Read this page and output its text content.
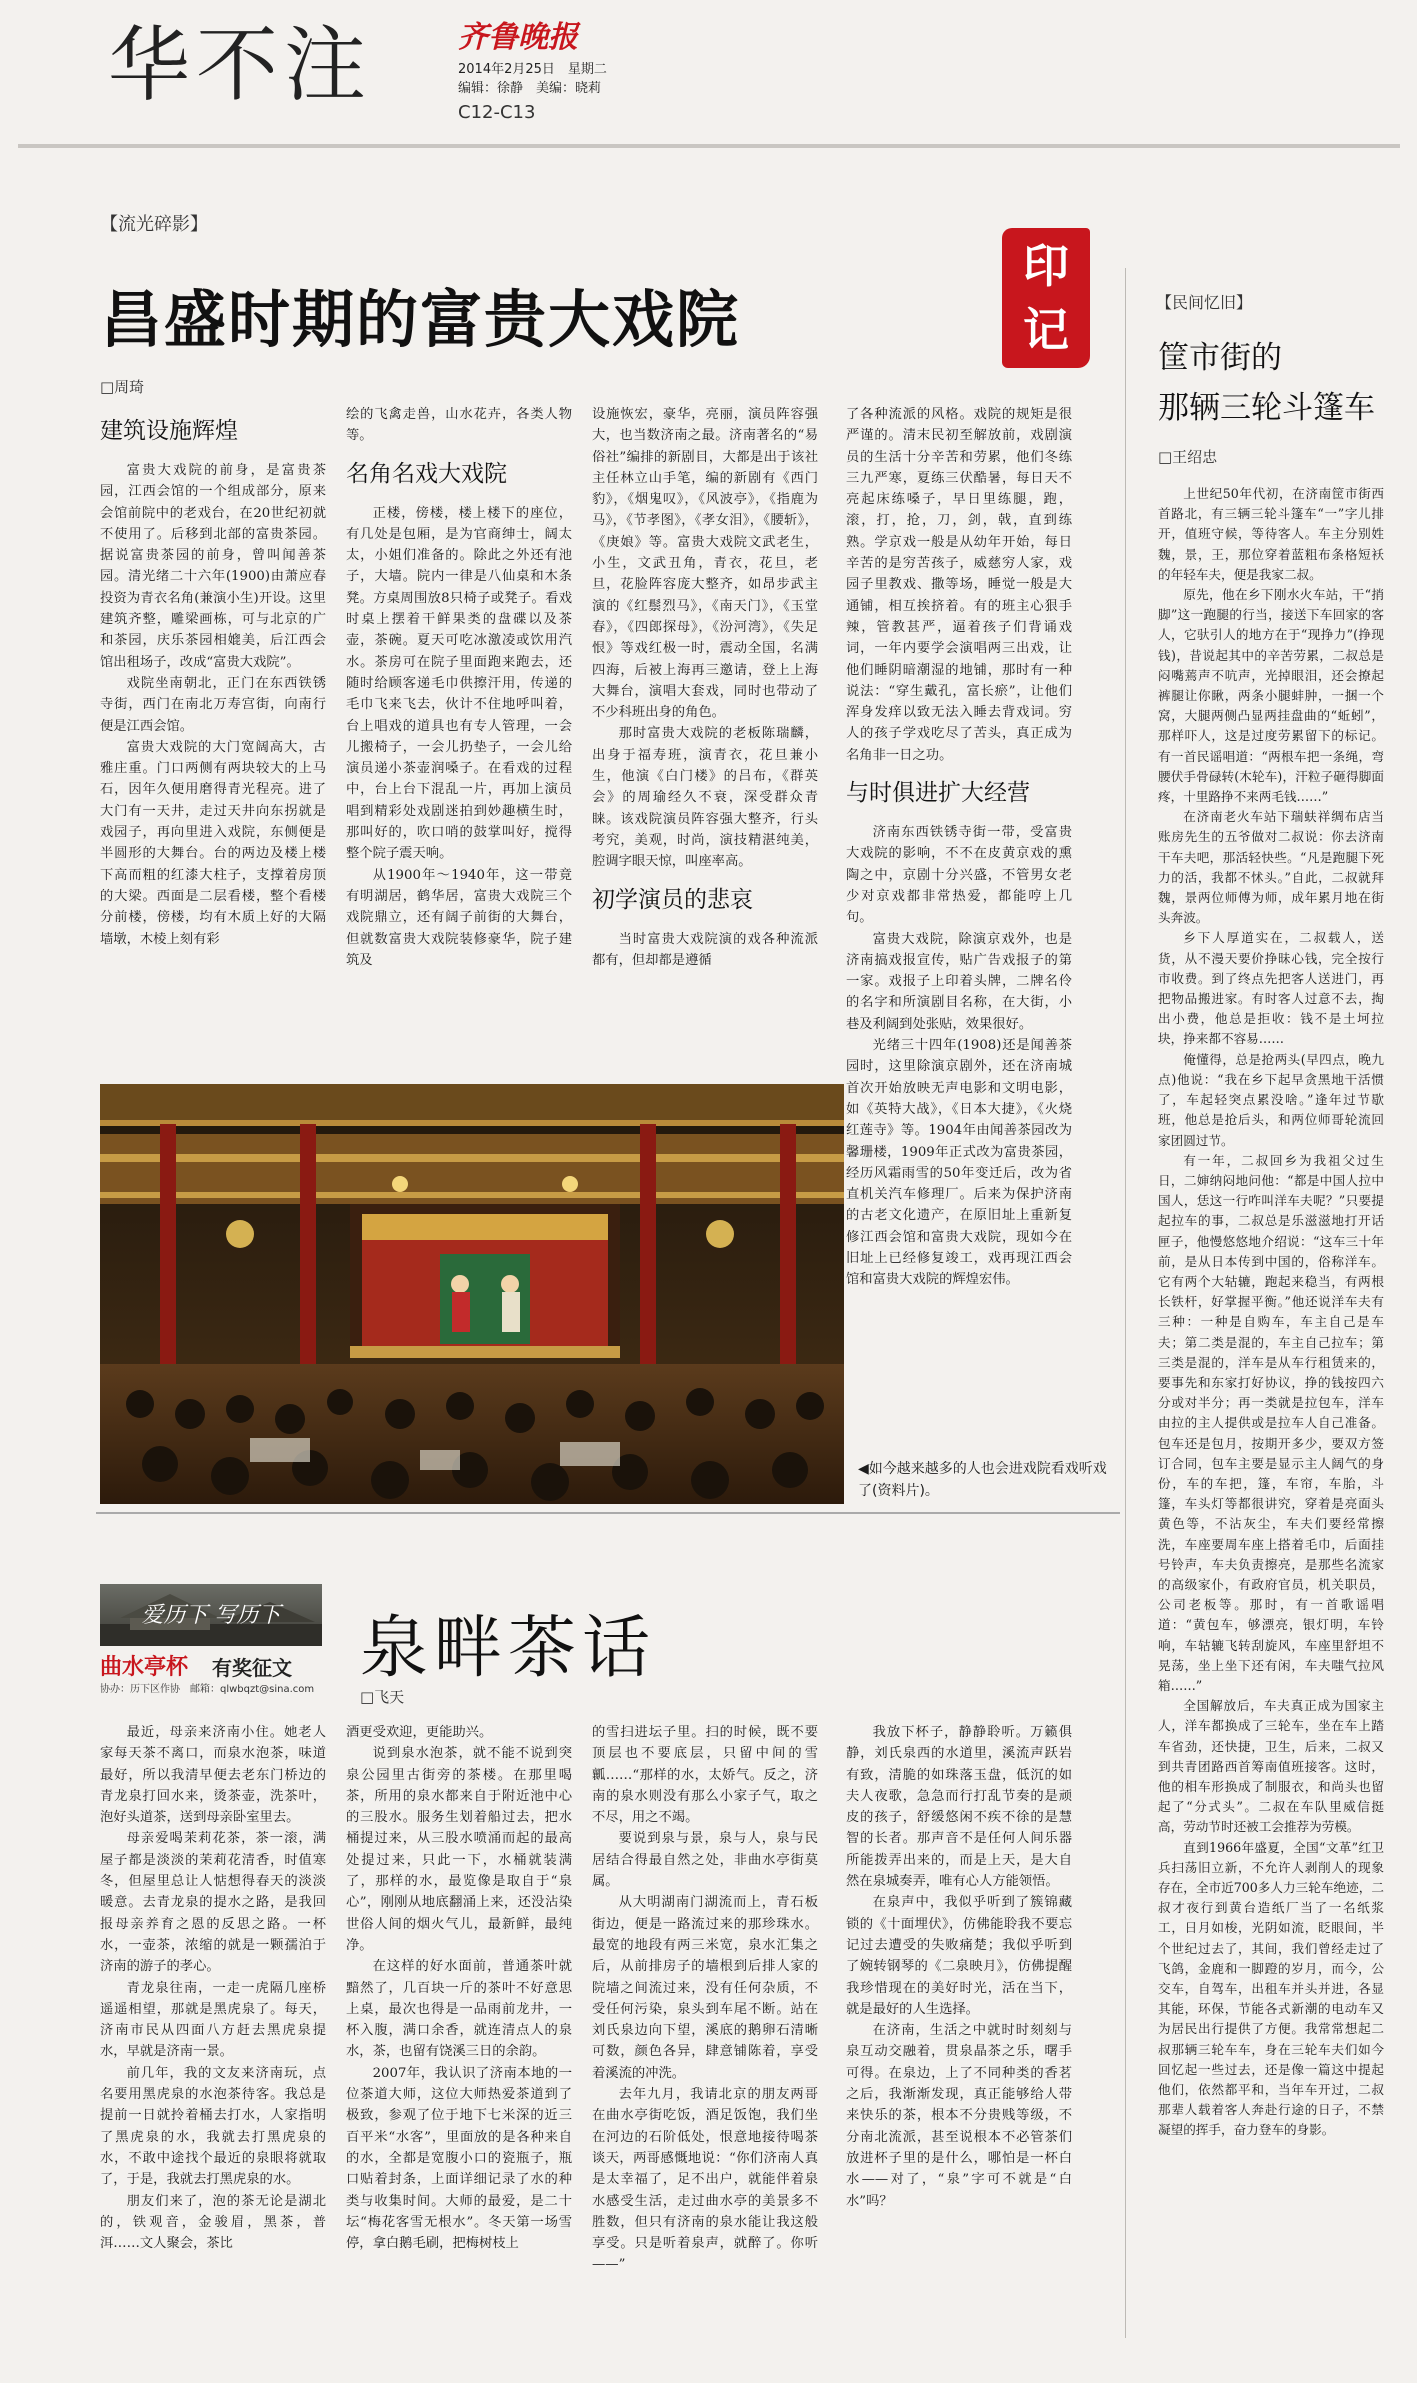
华不注	齐鲁晚报
2014年2月25日　星期二
编辑：徐静　美编：晓莉
C12-C13
【流光碎影】
昌盛时期的富贵大戏院
印记
□周琦
建筑设施辉煌

富贵大戏院的前身，是富贵茶园，江西会馆的一个组成部分，原来会馆前院中的老戏台，在20世纪初就不使用了。后移到北部的富贵茶园。据说富贵茶园的前身，曾叫闻善茶园。清光绪二十六年(1900)由萧应春投资为青衣名角(兼演小生)开设。这里建筑齐整，雕梁画栋，可与北京的广和茶园，庆乐茶园相媲美，后江西会馆出租场子，改成“富贵大戏院”。

戏院坐南朝北，正门在东西铁锈寺街，西门在南北万寿宫街，向南行便是江西会馆。

富贵大戏院的大门宽阔高大，古雅庄重。门口两侧有两块较大的上马石，因年久便用磨得青光程亮。进了大门有一天井，走过天井向东拐就是戏园子，再向里进入戏院，东侧便是半圆形的大舞台。台的两边及楼上楼下高而粗的红漆大柱子，支撑着房顶的大梁。西面是二层看楼，整个看楼分前楼，傍楼，均有木质上好的大隔墙墩，木棱上刻有彩

绘的飞禽走兽，山水花卉，各类人物等。
名角名戏大戏院

正楼，傍楼，楼上楼下的座位，有几处是包厢，是为官商绅士，阔太太，小姐们准备的。除此之外还有池子，大墙。院内一律是八仙桌和木条凳。方桌周围放8只椅子或凳子。看戏时桌上摆着干鲜果类的盘碟以及茶壶，茶碗。夏天可吃冰激凌或饮用汽水。茶房可在院子里面跑来跑去，还随时给顾客递毛巾供擦汗用，传递的毛巾飞来飞去，伙计不住地呼叫着，台上唱戏的道具也有专人管理，一会儿搬椅子，一会儿扔垫子，一会儿给演员递小茶壶润嗓子。在看戏的过程中，台上台下混乱一片，再加上演员唱到精彩处戏剧迷拍到妙趣横生时，那叫好的，吹口哨的鼓掌叫好，搅得整个院子震天响。

从1900年～1940年，这一带竟有明湖居，鹤华居，富贵大戏院三个戏院鼎立，还有阔子前街的大舞台，但就数富贵大戏院装修豪华，院子建筑及

设施恢宏，豪华，亮丽，演员阵容强大，也当数济南之最。济南著名的“易俗社”编排的新剧目，大都是出于该社主任林立山手笔，编的新剧有《西门豹》，《烟鬼叹》，《风波亭》，《指鹿为马》，《节孝图》，《孝女泪》，《腰斩》，《庚娘》等。富贵大戏院文武老生，小生，文武丑角，青衣，花旦，老旦，花脸阵容庞大整齐，如昂步武主演的《红鬃烈马》，《南天门》，《玉堂春》，《四郎探母》，《汾河湾》，《失足恨》等戏红极一时，震动全国，名满四海，后被上海再三邀请，登上上海大舞台，演唱大套戏，同时也带动了不少科班出身的角色。

那时富贵大戏院的老板陈瑞麟，出身于福寿班，演青衣，花旦兼小生，他演《白门楼》的吕布，《群英会》的周瑜经久不衰，深受群众青睐。该戏院演员阵容强大整齐，行头考究，美观，时尚，演技精湛纯美，腔调字眼天惊，叫座率高。

初学演员的悲哀

当时富贵大戏院演的戏各种流派都有，但却都是遵循

了各种流派的风格。戏院的规矩是很严谨的。清末民初至解放前，戏剧演员的生活十分辛苦和劳累，他们冬练三九严寒，夏练三伏酷暑，每日天不亮起床练嗓子，早日里练腿，跑，滚，打，抢，刀，剑，戟，直到练熟。学京戏一般是从幼年开始，每日辛苦的是穷苦孩子，威慈穷人家，戏园子里教戏、撒等场，睡觉一般是大通铺，相互挨挤着。有的班主心狠手辣，管教甚严，逼着孩子们背诵戏词，一年内要学会演唱两三出戏，让他们睡阴暗潮湿的地铺，那时有一种说法：“穿生戴孔，富长瘀”，让他们浑身发痒以致无法入睡去背戏词。穷人的孩子学戏吃尽了苦头，真正成为名角非一日之功。

与时俱进扩大经营

济南东西铁锈寺街一带，受富贵大戏院的影响，不不在皮黄京戏的熏陶之中，京剧十分兴盛，不管男女老少对京戏都非常热爱，都能哼上几句。

富贵大戏院，除演京戏外，也是济南搞戏报宣传，贴广告戏报子的第一家。戏报子上印着头牌，二牌名伶的名字和所演剧目名称，在大街，小巷及利阔到处张贴，效果很好。

光绪三十四年(1908)还是闻善茶园时，这里除演京剧外，还在济南城首次开始放映无声电影和文明电影，如《英特大战》，《日本大捷》，《火烧红莲寺》等。1904年由闻善茶园改为馨珊楼，1909年正式改为富贵茶园，经历风霜雨雪的50年变迁后，改为省直机关汽车修理厂。后来为保护济南的古老文化遗产，在原旧址上重新复修江西会馆和富贵大戏院，现如今在旧址上已经修复竣工，戏再现江西会馆和富贵大戏院的辉煌宏伟。

◀如今越来越多的人也会进戏院看戏听戏了(资料片)。
【民间忆旧】
筐市街的
那辆三轮斗篷车
□王绍忠

上世纪50年代初，在济南筐市街西首路北，有三辆三轮斗篷车“一”字儿排开，值班守候，等待客人。车主分别姓魏，景，王，那位穿着蓝粗布条格短袄的年轻车夫，便是我家二叔。

原先，他在乡下刚水火车站，干“捎脚”这一跑腿的行当，接送下车回家的客人，它驮引人的地方在于“现挣力”(挣现钱)，昔说起其中的辛苦劳累，二叔总是闷嘴蔫声不吭声，光掉眼泪，还会撩起裤腿让你瞅，两条小腿蚌肿，一捆一个窝，大腿两侧凸显两挂盘曲的“蚯蚓”，那样吓人，这是过度劳累留下的标记。有一首民谣唱道：“两根车把一条绳，弯腰伏手骨碌转(木轮车)，汗粒子砸得脚面疼，十里路挣不来两毛钱……”

在济南老火车站下瑞蚨祥绸布店当账房先生的五爷做对二叔说：你去济南干车夫吧，那活轻快些。“凡是跑腿下死力的活，我都不怵头。”自此，二叔就拜魏，景两位师傅为师，成年累月地在街头奔波。

乡下人厚道实在，二叔载人，送货，从不漫天要价挣昧心钱，完全按行市收费。到了终点先把客人送进门，再把物品搬进家。有时客人过意不去，掏出小费，他总是拒收：钱不是土坷拉块，挣来都不容易……

俺懂得，总是抢两头(早四点，晚九点)他说：“我在乡下起早贪黑地干活惯了，车起轻突点累没啥。”逢年过节歇班，他总是抢后头，和两位师哥轮流回家团圆过节。

有一年，二叔回乡为我祖父过生日，二婶纳闷地问他：“都是中国人拉中国人，恁这一行咋叫洋车夫呢？”只要提起拉车的事，二叔总是乐滋滋地打开话匣子，他慢悠悠地介绍说：“这车三十年前，是从日本传到中国的，俗称洋车。它有两个大轱辘，跑起来稳当，有两根长铁杆，好掌握平衡。”他还说洋车夫有三种：一种是自购车，车主自己是车夫；第二类是混的，车主自己拉车；第三类是混的，洋车是从车行租赁来的，要事先和东家打好协议，挣的钱按四六分或对半分；再一类就是拉包车，洋车由拉的主人提供或是拉车人自己准备。包车还是包月，按期开多少，要双方签订合同，包车主要是显示主人阔气的身份，车的车把，篷，车帘，车胎，斗篷，车头灯等都很讲究，穿着是亮面头黄色等，不沾灰尘，车夫们要经常擦洗，车座要周车座上搭着毛巾，后面挂号铃声，车夫负责擦亮，是那些名流家的高级家仆，有政府官员，机关职员，公司老板等。那时，有一首歌谣唱道：“黄包车，够漂亮，银灯明，车铃响，车轱辘飞转刮旋风，车座里舒坦不晃荡，坐上坐下还有闲，车夫嗤气拉风箱……”

全国解放后，车夫真正成为国家主人，洋车都换成了三轮车，坐在车上踏车省劲，还快捷，卫生，后来，二叔又到共青团路西首筹南值班接客。这时，他的相车形换成了制服衣，和尚头也留起了“分式头”。二叔在车队里威信挺高，劳动节时还被工会推荐为劳模。

直到1966年盛夏，全国“文革”红卫兵扫荡旧立新，不允许人剥削人的现象存在，全市近700多人力三轮车绝迹，二叔才夜行到黄台造纸厂当了一名纸浆工，日月如梭，光阴如流，眨眼间，半个世纪过去了，其间，我们曾经走过了飞鸽，金鹿和一脚蹬的岁月，而今，公交车，自驾车，出租车并头并进，各显其能，环保，节能各式新潮的电动车又为居民出行提供了方便。我常常想起二叔那辆三轮车车，身在三轮车夫们如今回忆起一些过去，还是像一篇这中提起他们，依然都平和，当年车开过，二叔那辈人载着客人奔赴行途的日子，不禁凝望的挥手，奋力登车的身影。

爱历下 写历下
曲水亭杯 有奖征文
协办：历下区作协　邮箱：qlwbqzt@sina.com
泉畔茶话
□飞天

最近，母亲来济南小住。她老人家每天茶不离口，而泉水泡茶，味道最好，所以我清早便去老东门桥边的青龙泉打回水来，烫茶壶，洗茶叶，泡好头道茶，送到母亲卧室里去。

母亲爱喝茉莉花茶，茶一滚，满屋子都是淡淡的茉莉花清香，时值寒冬，但屋里总让人惦想得春天的淡淡暖意。去青龙泉的提水之路，是我回报母亲养育之恩的反思之路。一杯水，一壶茶，浓缩的就是一颗孺泊于济南的游子的孝心。

青龙泉往南，一走一虎隔几座桥遥遥相望，那就是黑虎泉了。每天，济南市民从四面八方赶去黑虎泉提水，早就是济南一景。

前几年，我的文友来济南玩，点名要用黑虎泉的水泡茶待客。我总是提前一日就拎着桶去打水，人家指明了黑虎泉的水，我就去打黑虎泉的水，不敢中途找个最近的泉眼将就取了，于是，我就去打黑虎泉的水。

朋友们来了，泡的茶无论是湖北的，铁观音，金骏眉，黑茶，普洱……文人聚会，茶比

酒更受欢迎，更能助兴。

说到泉水泡茶，就不能不说到突泉公园里古街旁的茶楼。在那里喝茶，所用的泉水都来自于附近池中心的三股水。服务生划着船过去，把水桶提过来，从三股水喷涌而起的最高处提过来，只此一下，水桶就装满了，那样的水，最览像是取自于“泉心”，刚刚从地底翻涌上来，还没沾染世俗人间的烟火气儿，最新鲜，最纯净。

在这样的好水面前，普通茶叶就黯然了，几百块一斤的茶叶不好意思上桌，最次也得是一品雨前龙井，一杯入腹，满口余香，就连清点人的泉水，茶，也留有饶溪三日的余韵。

2007年，我认识了济南本地的一位茶道大师，这位大师热爱茶道到了极致，参观了位于地下七米深的近三百平米“水客”，里面放的是各种来自的水，全都是宽腹小口的瓷瓶子，瓶口贴着封条，上面详细记录了水的种类与收集时间。大师的最爱，是二十坛“梅花客雪无根水”。冬天第一场雪停，拿白鹅毛刷，把梅树枝上

的雪扫进坛子里。扫的时候，既不要顶层也不要底层，只留中间的雪瓤……“那样的水，太娇气。反之，济南的泉水则没有那么小家子气，取之不尽，用之不竭。

要说到泉与景，泉与人，泉与民居结合得最自然之处，非曲水亭街莫属。

从大明湖南门湖流而上，青石板街边，便是一路流过来的那珍珠水。最宽的地段有两三米宽，泉水汇集之后，从前排房子的墙根到后排人家的院墙之间流过来，没有任何杂质，不受任何污染，泉头到车尾不断。站在刘氏泉边向下望，溪底的鹅卵石清晰可数，颜色各异，肆意铺陈着，享受着溪流的冲洗。

去年九月，我请北京的朋友两哥在曲水亭街吃饭，酒足饭饱，我们坐在河边的石阶低处，恨意地接待喝茶谈天，两哥感慨地说：“你们济南人真是太幸福了，足不出户，就能伴着泉水感受生活，走过曲水亭的美景多不胜数，但只有济南的泉水能让我这般享受。只是听着泉声，就醉了。你听——”

我放下杯子，静静聆听。万籁俱静，刘氏泉西的水道里，溪流声跃岩有致，清脆的如珠落玉盘，低沉的如夫人夜歌，急急而行打乱节奏的是顽皮的孩子，舒缓悠闲不疾不徐的是慧智的长者。那声音不是任何人间乐器所能拨弄出来的，而是上天，是大自然在泉城奏弄，唯有心人方能领悟。

在泉声中，我似乎听到了簇锦藏锁的《十面埋伏》，仿佛能聆我不要忘记过去遭受的失败痛楚；我似乎听到了婉转钢琴的《二泉映月》，仿佛提醒我珍惜现在的美好时光，活在当下，就是最好的人生选择。

在济南，生活之中就时时刻刻与泉互动交融着，贯泉晶茶之乐，曙手可得。在泉边，上了不同种类的香茗之后，我渐渐发现，真正能够给人带来快乐的茶，根本不分贵贱等级，不分南北流派，甚至说根本不必管茶们放进杯子里的是什么，哪怕是一杯白水——对了，“泉”字可不就是“白水”吗？
